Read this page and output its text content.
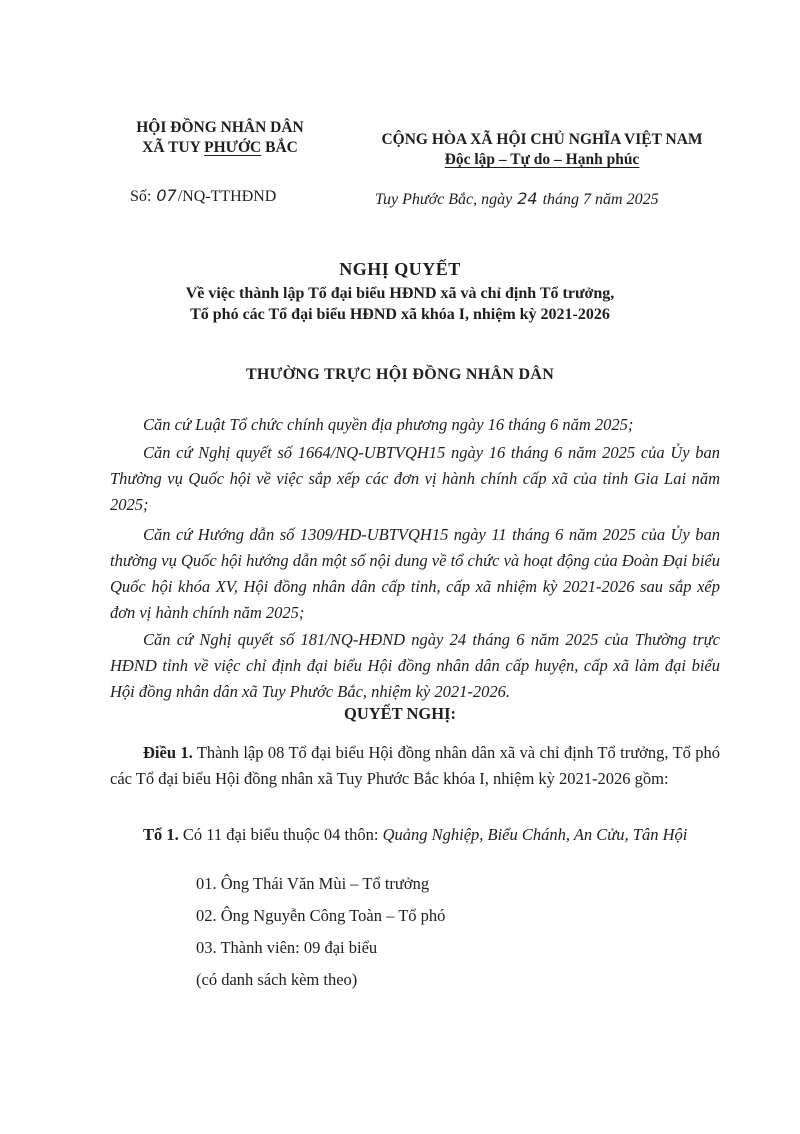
HỘI ĐỒNG NHÂN DÂN
XÃ TUY PHƯỚC BẮC	CỘNG HÒA XÃ HỘI CHỦ NGHĨA VIỆT NAM
Độc lập – Tự do – Hạnh phúc
Số: 07/NQ-TTHĐND	Tuy Phước Bắc, ngày 24 tháng 7 năm 2025
NGHỊ QUYẾT
Về việc thành lập Tổ đại biểu HĐND xã và chỉ định Tổ trưởng,
Tổ phó các Tổ đại biểu HĐND xã khóa I, nhiệm kỳ 2021-2026
THƯỜNG TRỰC HỘI ĐỒNG NHÂN DÂN
Căn cứ Luật Tổ chức chính quyền địa phương ngày 16 tháng 6 năm 2025;
Căn cứ Nghị quyết số 1664/NQ-UBTVQH15 ngày 16 tháng 6 năm 2025 của Ủy ban Thường vụ Quốc hội về việc sắp xếp các đơn vị hành chính cấp xã của tỉnh Gia Lai năm 2025;
Căn cứ Hướng dẫn số 1309/HD-UBTVQH15 ngày 11 tháng 6 năm 2025 của Ủy ban thường vụ Quốc hội hướng dẫn một số nội dung về tổ chức và hoạt động của Đoàn Đại biểu Quốc hội khóa XV, Hội đồng nhân dân cấp tỉnh, cấp xã nhiệm kỳ 2021-2026 sau sắp xếp đơn vị hành chính năm 2025;
Căn cứ Nghị quyết số 181/NQ-HĐND ngày 24 tháng 6 năm 2025 của Thường trực HĐND tỉnh về việc chỉ định đại biểu Hội đồng nhân dân cấp huyện, cấp xã làm đại biểu Hội đồng nhân dân xã Tuy Phước Bắc, nhiệm kỳ 2021-2026.
QUYẾT NGHỊ:
Điều 1. Thành lập 08 Tổ đại biểu Hội đồng nhân dân xã và chỉ định Tổ trưởng, Tổ phó các Tổ đại biểu Hội đồng nhân xã Tuy Phước Bắc khóa I, nhiệm kỳ 2021-2026 gồm:
Tổ 1. Có 11 đại biểu thuộc 04 thôn: Quảng Nghiệp, Biểu Chánh, An Cửu, Tân Hội
01. Ông Thái Văn Mùi – Tổ trưởng
02. Ông Nguyễn Công Toàn – Tổ phó
03. Thành viên: 09 đại biểu
(có danh sách kèm theo)
